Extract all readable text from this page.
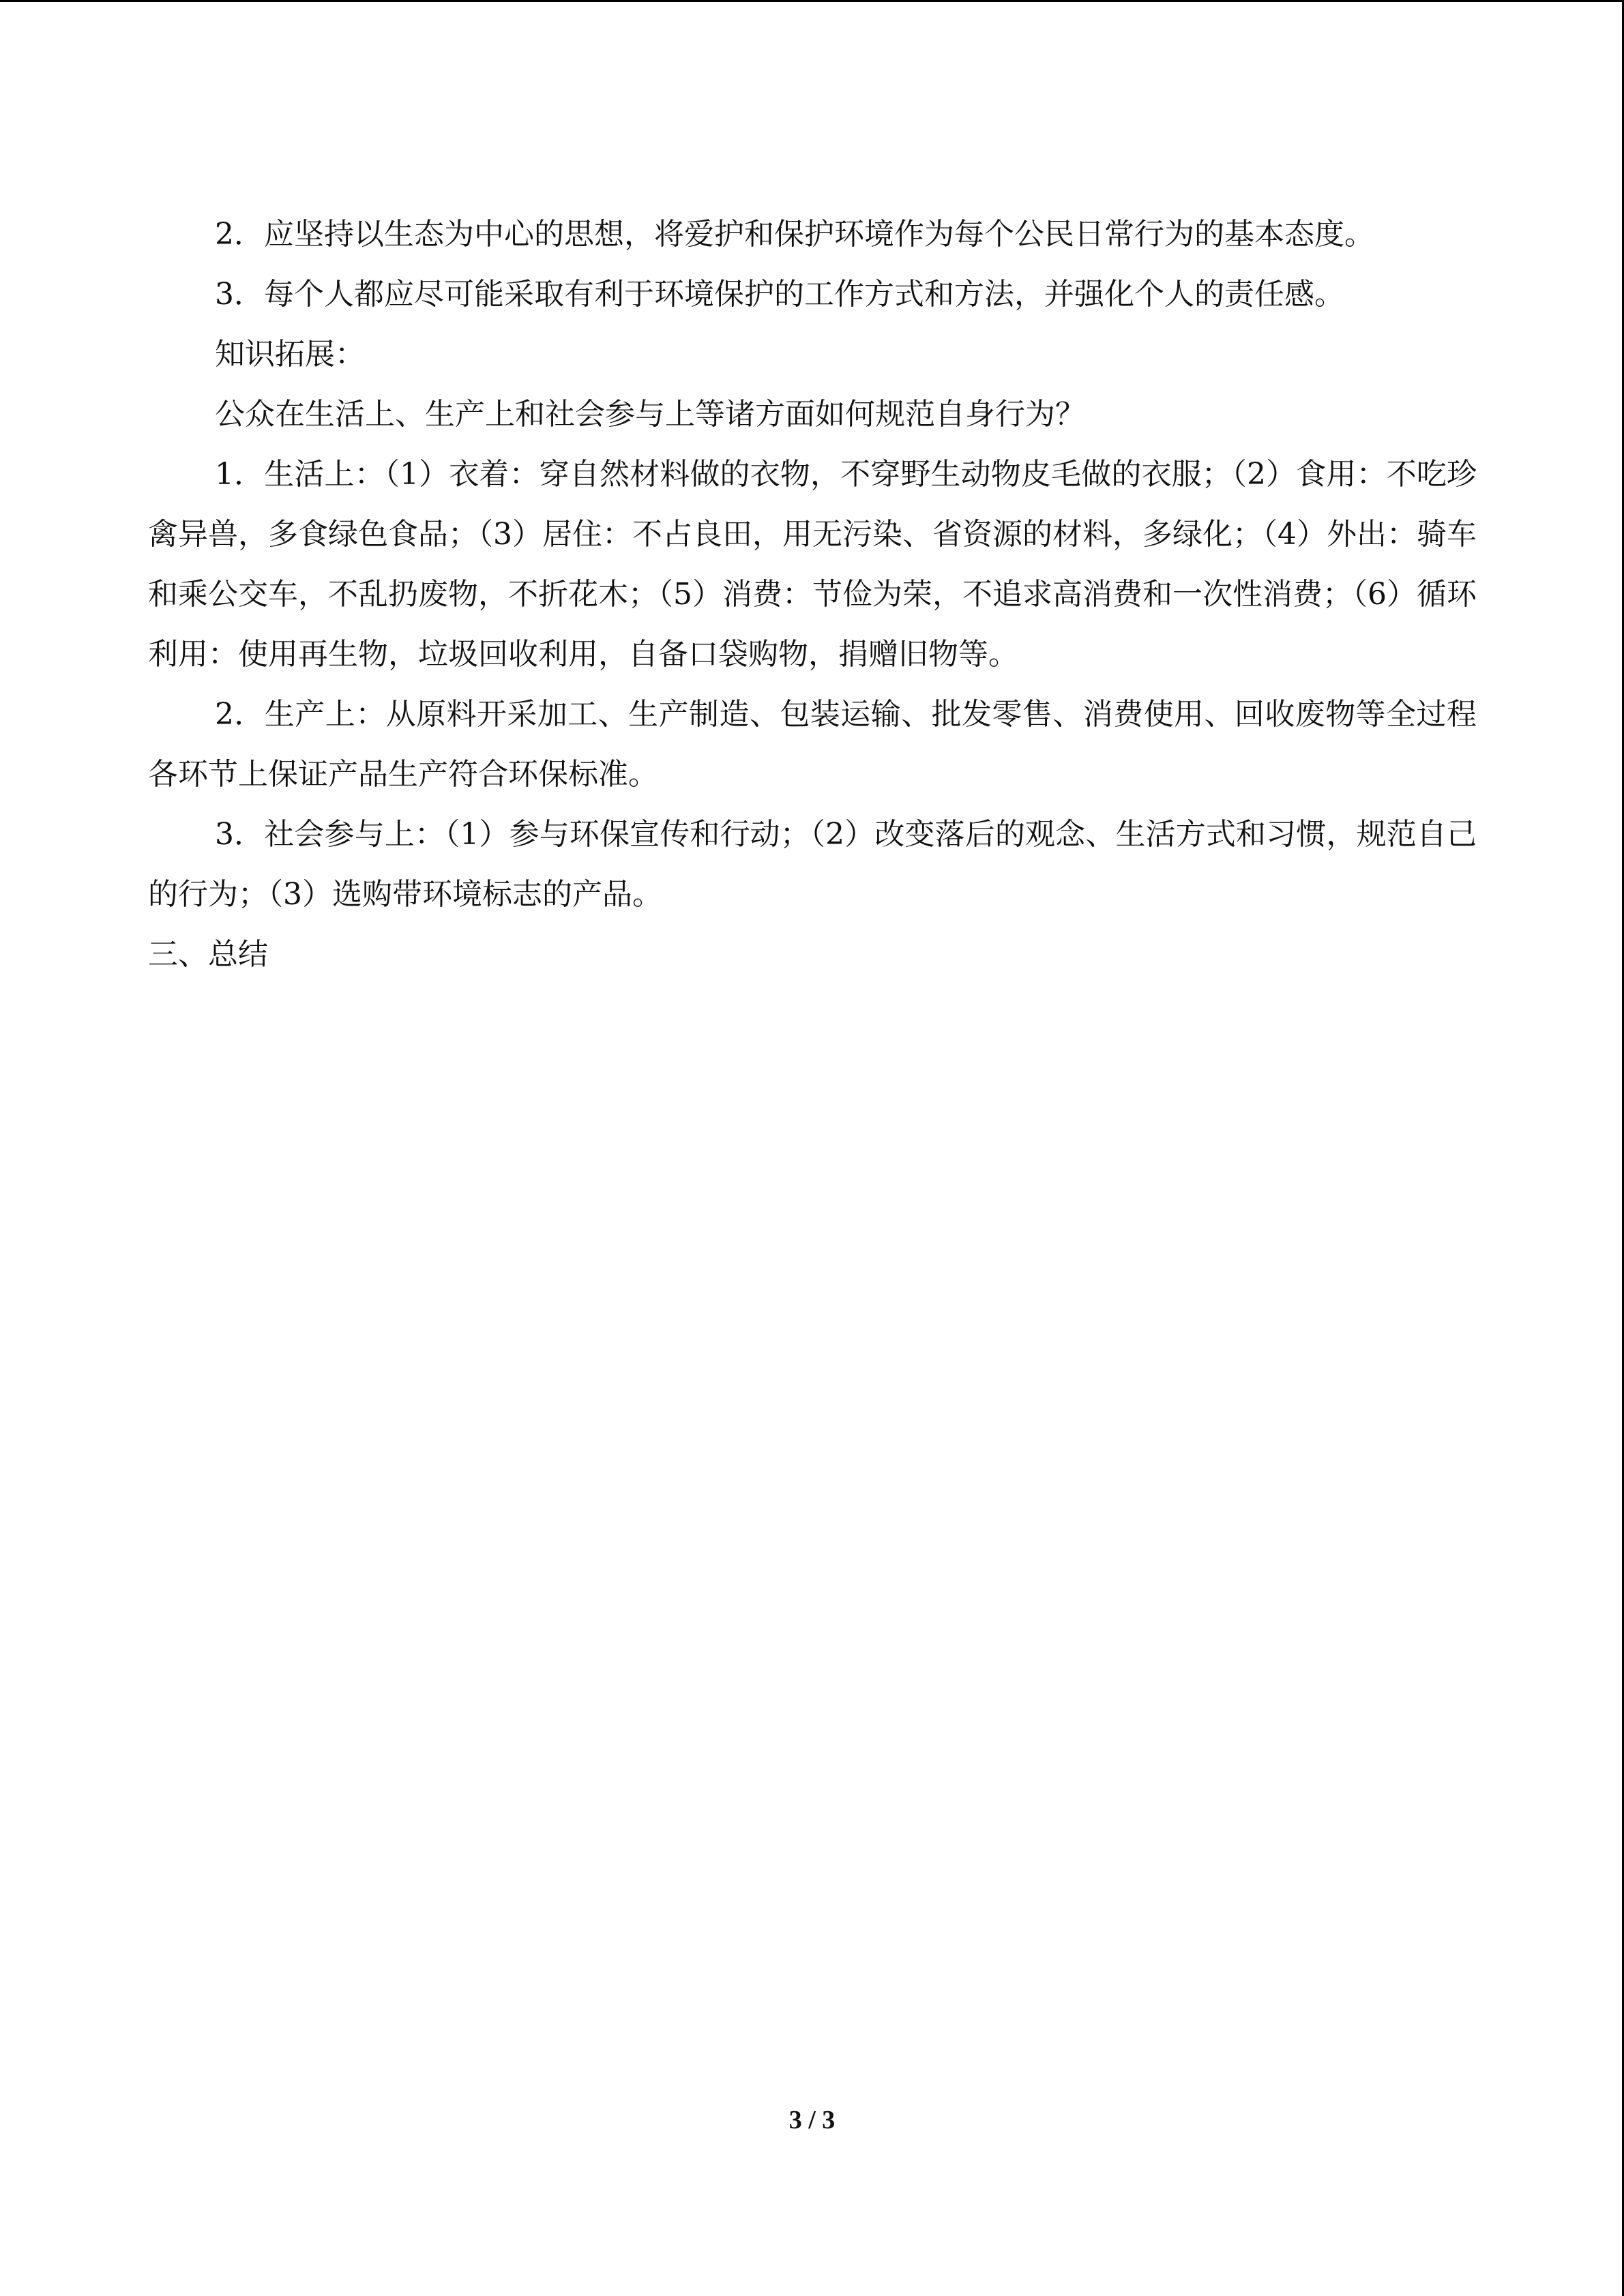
2．应坚持以生态为中心的思想，将爱护和保护环境作为每个公民日常行为的基本态度。

3．每个人都应尽可能采取有利于环境保护的工作方式和方法，并强化个人的责任感。

知识拓展：

公众在生活上、生产上和社会参与上等诸方面如何规范自身行为？

1．生活上：（1）衣着：穿自然材料做的衣物，不穿野生动物皮毛做的衣服；（2）食用：不吃珍禽异兽，多食绿色食品；（3）居住：不占良田，用无污染、省资源的材料，多绿化；（4）外出：骑车和乘公交车，不乱扔废物，不折花木；（5）消费：节俭为荣，不追求高消费和一次性消费；（6）循环利用：使用再生物，垃圾回收利用，自备口袋购物，捐赠旧物等。

2．生产上：从原料开采加工、生产制造、包装运输、批发零售、消费使用、回收废物等全过程各环节上保证产品生产符合环保标准。

3．社会参与上：（1）参与环保宣传和行动；（2）改变落后的观念、生活方式和习惯，规范自己的行为；（3）选购带环境标志的产品。

三、总结

3 / 3
